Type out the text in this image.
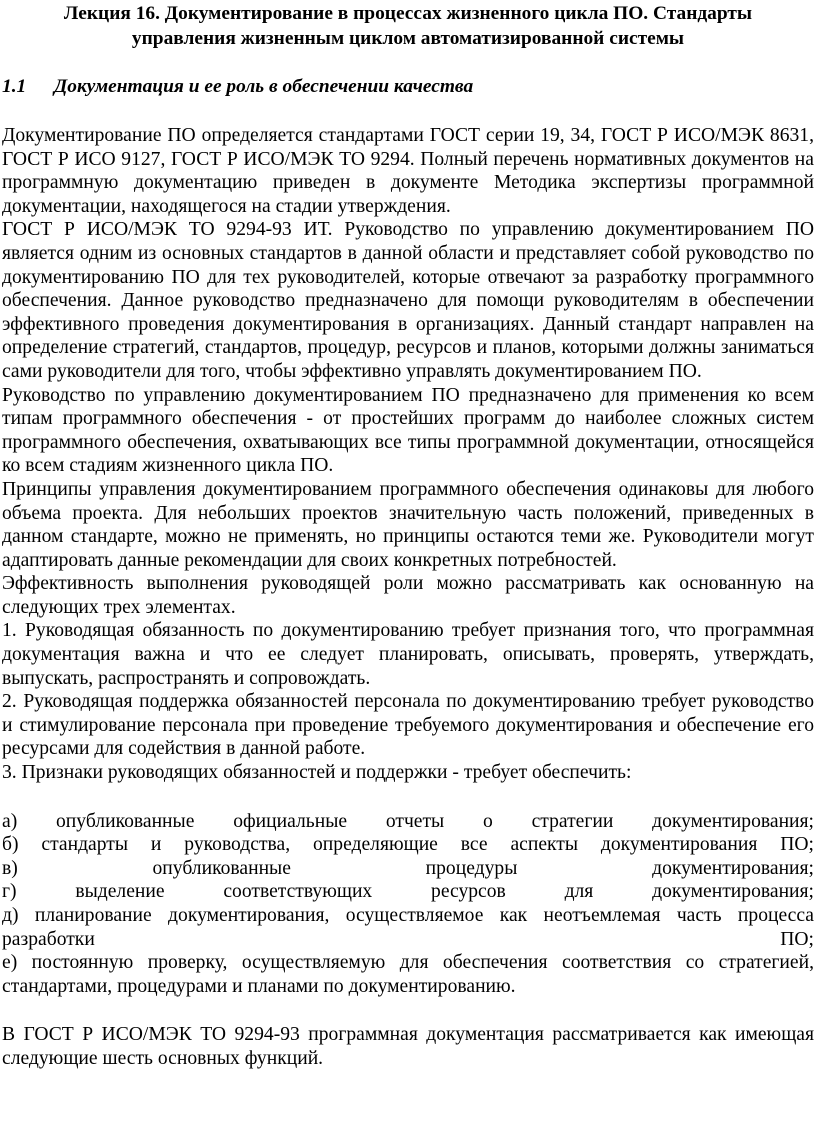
Лекция 16. Документирование в процессах жизненного цикла ПО. Стандарты
управления жизненным циклом автоматизированной системы
1.1 Документация и ее роль в обеспечении качества

Документирование ПО определяется стандартами ГОСТ серии 19, 34, ГОСТ Р ИСО/МЭК 8631, ГОСТ Р ИСО 9127, ГОСТ Р ИСО/МЭК ТО 9294. Полный перечень нормативных документов на программную документацию приведен в документе Методика экспертизы программной документации, находящегося на стадии утверждения.

ГОСТ Р ИСО/МЭК ТО 9294-93 ИТ. Руководство по управлению документированием ПО является одним из основных стандартов в данной области и представляет собой руководство по документированию ПО для тех руководителей, которые отвечают за разработку программного обеспечения. Данное руководство предназначено для помощи руководителям в обеспечении эффективного проведения документирования в организациях. Данный стандарт направлен на определение стратегий, стандартов, процедур, ресурсов и планов, которыми должны заниматься сами руководители для того, чтобы эффективно управлять документированием ПО.

Руководство по управлению документированием ПО предназначено для применения ко всем типам программного обеспечения - от простейших программ до наиболее сложных систем программного обеспечения, охватывающих все типы программной документации, относящейся ко всем стадиям жизненного цикла ПО.

Принципы управления документированием программного обеспечения одинаковы для любого объема проекта. Для небольших проектов значительную часть положений, приведенных в данном стандарте, можно не применять, но принципы остаются теми же. Руководители могут адаптировать данные рекомендации для своих конкретных потребностей.

Эффективность выполнения руководящей роли можно рассматривать как основанную на следующих трех элементах.

1. Руководящая обязанность по документированию требует признания того, что программная документация важна и что ее следует планировать, описывать, проверять, утверждать, выпускать, распространять и сопровождать.

2. Руководящая поддержка обязанностей персонала по документированию требует руководство и стимулирование персонала при проведение требуемого документирования и обеспечение его ресурсами для содействия в данной работе.

3. Признаки руководящих обязанностей и поддержки - требует обеспечить:

а) опубликованные официальные отчеты о стратегии документирования;
б) стандарты и руководства, определяющие все аспекты документирования ПО;
в) опубликованные процедуры документирования;
г) выделение соответствующих ресурсов для документирования;
д) планирование документирования, осуществляемое как неотъемлемая часть процесса
разработки ПО;
е) постоянную проверку, осуществляемую для обеспечения соответствия со стратегией,
стандартами, процедурами и планами по документированию.

В ГОСТ Р ИСО/МЭК ТО 9294-93 программная документация рассматривается как имеющая следующие шесть основных функций.
